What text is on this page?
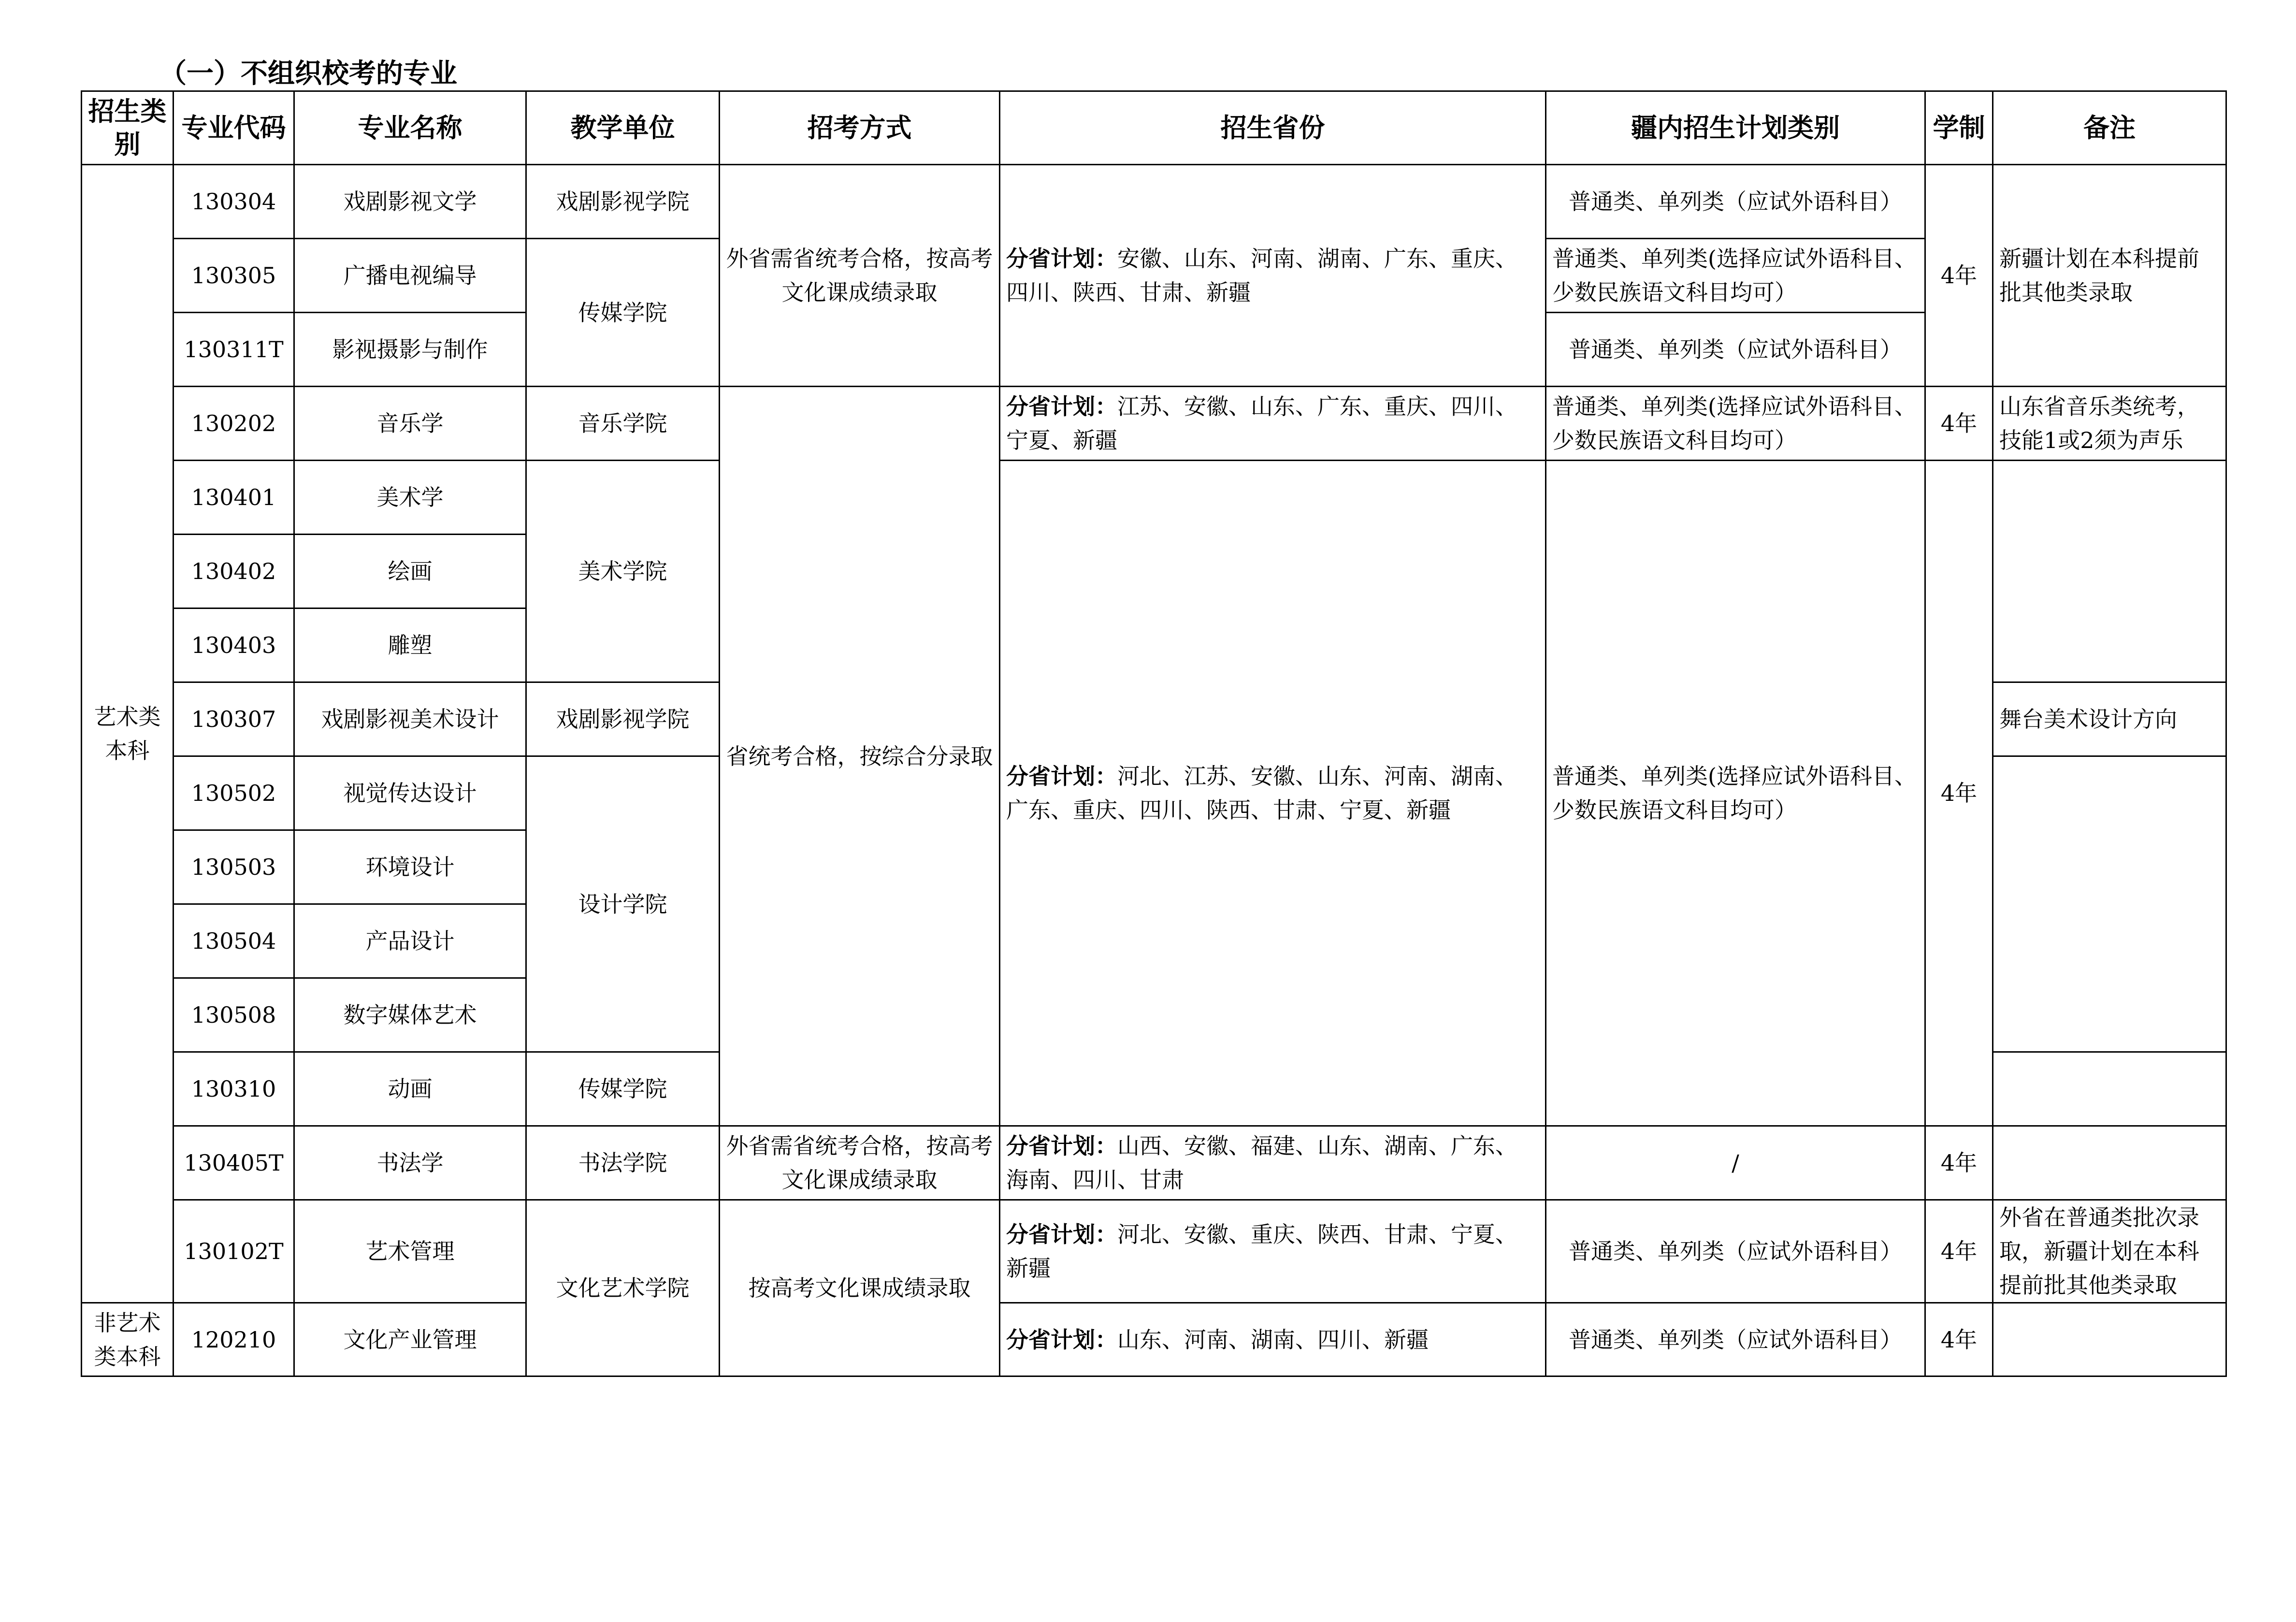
（一）不组织校考的专业
招生类别	专业代码	专业名称	教学单位	招考方式	招生省份	疆内招生计划类别	学制	备注
艺术类本科	130304	戏剧影视文学	戏剧影视学院	外省需省统考合格，按高考文化课成绩录取	分省计划：安徽、山东、河南、湖南、广东、重庆、四川、陕西、甘肃、新疆	普通类、单列类（应试外语科目）	4年	新疆计划在本科提前批其他类录取
	130305	广播电视编导	传媒学院			普通类、单列类(选择应试外语科目、少数民族语文科目均可）		
	130311T	影视摄影与制作				普通类、单列类（应试外语科目）		
	130202	音乐学	音乐学院	省统考合格，按综合分录取	分省计划：江苏、安徽、山东、广东、重庆、四川、宁夏、新疆	普通类、单列类(选择应试外语科目、少数民族语文科目均可）	4年	山东省音乐类统考，技能1或2须为声乐
	130401	美术学	美术学院		分省计划：河北、江苏、安徽、山东、河南、湖南、广东、重庆、四川、陕西、甘肃、宁夏、新疆	普通类、单列类(选择应试外语科目、少数民族语文科目均可）	4年	
	130402	绘画						
	130403	雕塑						
	130307	戏剧影视美术设计	戏剧影视学院					舞台美术设计方向
	130502	视觉传达设计	设计学院					
	130503	环境设计						
	130504	产品设计						
	130508	数字媒体艺术						
	130310	动画	传媒学院					
	130405T	书法学	书法学院	外省需省统考合格，按高考文化课成绩录取	分省计划：山西、安徽、福建、山东、湖南、广东、海南、四川、甘肃	/	4年	
	130102T	艺术管理	文化艺术学院	按高考文化课成绩录取	分省计划：河北、安徽、重庆、陕西、甘肃、宁夏、新疆	普通类、单列类（应试外语科目）	4年	外省在普通类批次录取，新疆计划在本科提前批其他类录取
非艺术类本科	120210	文化产业管理			分省计划：山东、河南、湖南、四川、新疆	普通类、单列类（应试外语科目）	4年	
